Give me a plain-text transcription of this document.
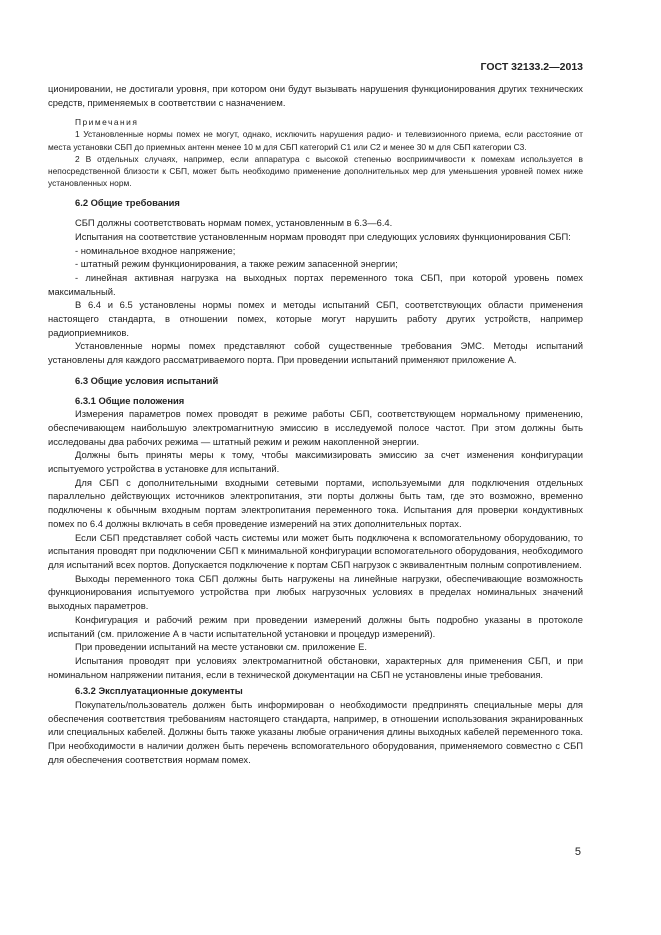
ГОСТ 32133.2—2013

ционировании, не достигали уровня, при котором они будут вызывать нарушения функционирования других технических средств, применяемых в соответствии с назначением.

Примечания

1 Установленные нормы помех не могут, однако, исключить нарушения радио- и телевизионного приема, если расстояние от места установки СБП до приемных антенн менее 10 м для СБП категорий С1 или С2 и менее 30 м для СБП категории С3.

2 В отдельных случаях, например, если аппаратура с высокой степенью восприимчивости к помехам используется в непосредственной близости к СБП, может быть необходимо применение дополнительных мер для уменьшения уровней помех ниже установленных норм.

6.2 Общие требования

СБП должны соответствовать нормам помех, установленным в 6.3—6.4.

Испытания на соответствие установленным нормам проводят при следующих условиях функционирования СБП:

- номинальное входное напряжение;

- штатный режим функционирования, а также режим запасенной энергии;

- линейная активная нагрузка на выходных портах переменного тока СБП, при которой уровень помех максимальный.

В 6.4 и 6.5 установлены нормы помех и методы испытаний СБП, соответствующих области применения настоящего стандарта, в отношении помех, которые могут нарушить работу других устройств, например радиоприемников.

Установленные нормы помех представляют собой существенные требования ЭМС. Методы испытаний установлены для каждого рассматриваемого порта. При проведении испытаний применяют приложение А.

6.3 Общие условия испытаний

6.3.1 Общие положения

Измерения параметров помех проводят в режиме работы СБП, соответствующем нормальному применению, обеспечивающем наибольшую электромагнитную эмиссию в исследуемой полосе частот. При этом должны быть исследованы два рабочих режима — штатный режим и режим накопленной энергии.

Должны быть приняты меры к тому, чтобы максимизировать эмиссию за счет изменения конфигурации испытуемого устройства в установке для испытаний.

Для СБП с дополнительными входными сетевыми портами, используемыми для подключения отдельных параллельно действующих источников электропитания, эти порты должны быть там, где это возможно, временно подключены к обычным входным портам электропитания переменного тока. Испытания для проверки кондуктивных помех по 6.4 должны включать в себя проведение измерений на этих дополнительных портах.

Если СБП представляет собой часть системы или может быть подключена к вспомогательному оборудованию, то испытания проводят при подключении СБП к минимальной конфигурации вспомогательного оборудования, необходимого для испытаний всех портов. Допускается подключение к портам СБП нагрузок с эквивалентным полным сопротивлением.

Выходы переменного тока СБП должны быть нагружены на линейные нагрузки, обеспечивающие возможность функционирования испытуемого устройства при любых нагрузочных условиях в пределах номинальных значений выходных параметров.

Конфигурация и рабочий режим при проведении измерений должны быть подробно указаны в протоколе испытаний (см. приложение А в части испытательной установки и процедур измерений).

При проведении испытаний на месте установки см. приложение Е.

Испытания проводят при условиях электромагнитной обстановки, характерных для применения СБП, и при номинальном напряжении питания, если в технической документации на СБП не установлены иные требования.

6.3.2 Эксплуатационные документы

Покупатель/пользователь должен быть информирован о необходимости предпринять специальные меры для обеспечения соответствия требованиям настоящего стандарта, например, в отношении использования экранированных или специальных кабелей. Должны быть также указаны любые ограничения длины выходных кабелей переменного тока. При необходимости в наличии должен быть перечень вспомогательного оборудования, применяемого совместно с СБП для обеспечения соответствия нормам помех.

5
